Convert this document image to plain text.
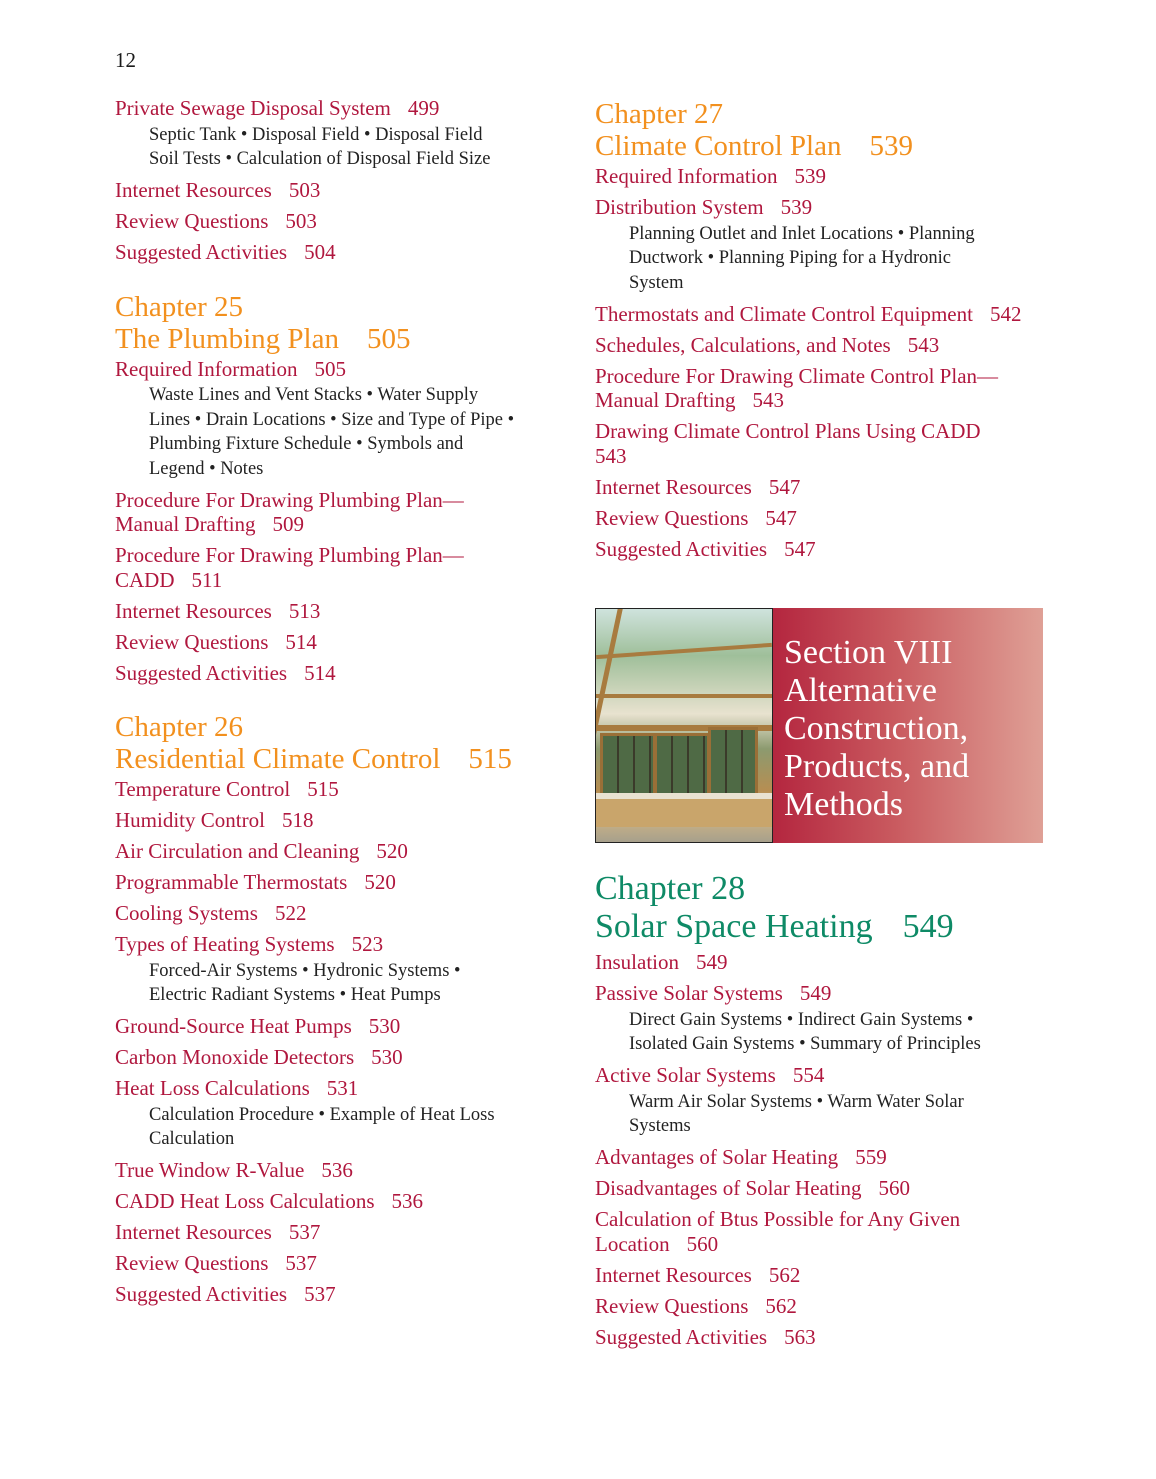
12
Private Sewage Disposal System 499
Septic Tank • Disposal Field • Disposal Field
Soil Tests • Calculation of Disposal Field Size
Internet Resources 503
Review Questions 503
Suggested Activities 504
Chapter 25
The Plumbing Plan 505
Required Information 505
Waste Lines and Vent Stacks • Water Supply
Lines • Drain Locations • Size and Type of Pipe •
Plumbing Fixture Schedule • Symbols and
Legend • Notes
Procedure For Drawing Plumbing Plan—
Manual Drafting 509
Procedure For Drawing Plumbing Plan—
CADD 511
Internet Resources 513
Review Questions 514
Suggested Activities 514
Chapter 26
Residential Climate Control 515
Temperature Control 515
Humidity Control 518
Air Circulation and Cleaning 520
Programmable Thermostats 520
Cooling Systems 522
Types of Heating Systems 523
Forced-Air Systems • Hydronic Systems •
Electric Radiant Systems • Heat Pumps
Ground-Source Heat Pumps 530
Carbon Monoxide Detectors 530
Heat Loss Calculations 531
Calculation Procedure • Example of Heat Loss
Calculation
True Window R-Value 536
CADD Heat Loss Calculations 536
Internet Resources 537
Review Questions 537
Suggested Activities 537
Chapter 27
Climate Control Plan 539
Required Information 539
Distribution System 539
Planning Outlet and Inlet Locations • Planning
Ductwork • Planning Piping for a Hydronic
System
Thermostats and Climate Control Equipment 542
Schedules, Calculations, and Notes 543
Procedure For Drawing Climate Control Plan—
Manual Drafting 543
Drawing Climate Control Plans Using CADD
543
Internet Resources 547
Review Questions 547
Suggested Activities 547
Section VIII
Alternative
Construction,
Products, and
Methods
Chapter 28
Solar Space Heating 549
Insulation 549
Passive Solar Systems 549
Direct Gain Systems • Indirect Gain Systems •
Isolated Gain Systems • Summary of Principles
Active Solar Systems 554
Warm Air Solar Systems • Warm Water Solar
Systems
Advantages of Solar Heating 559
Disadvantages of Solar Heating 560
Calculation of Btus Possible for Any Given
Location 560
Internet Resources 562
Review Questions 562
Suggested Activities 563
